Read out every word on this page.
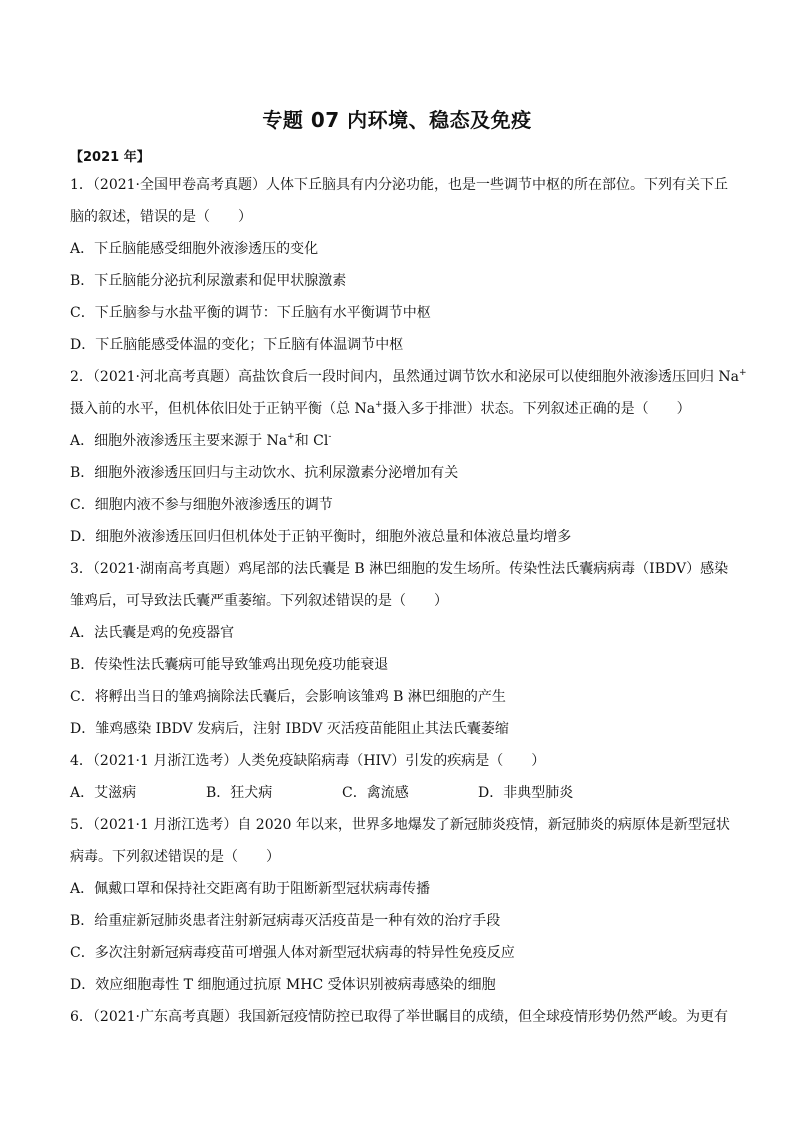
专题 07 内环境、稳态及免疫
【2021 年】
1．（2021·全国甲卷高考真题）人体下丘脑具有内分泌功能，也是一些调节中枢的所在部位。下列有关下丘
脑的叙述，错误的是（　　）
A．下丘脑能感受细胞外液渗透压的变化
B．下丘脑能分泌抗利尿激素和促甲状腺激素
C．下丘脑参与水盐平衡的调节：下丘脑有水平衡调节中枢
D．下丘脑能感受体温的变化；下丘脑有体温调节中枢
2．（2021·河北高考真题）高盐饮食后一段时间内，虽然通过调节饮水和泌尿可以使细胞外液渗透压回归 Na+
摄入前的水平，但机体依旧处于正钠平衡（总 Na+摄入多于排泄）状态。下列叙述正确的是（　　）
A．细胞外液渗透压主要来源于 Na+和 Cl-
B．细胞外液渗透压回归与主动饮水、抗利尿激素分泌增加有关
C．细胞内液不参与细胞外液渗透压的调节
D．细胞外液渗透压回归但机体处于正钠平衡时，细胞外液总量和体液总量均增多
3．（2021·湖南高考真题）鸡尾部的法氏囊是 B 淋巴细胞的发生场所。传染性法氏囊病病毒（IBDV）感染
雏鸡后，可导致法氏囊严重萎缩。下列叙述错误的是（　　）
A．法氏囊是鸡的免疫器官
B．传染性法氏囊病可能导致雏鸡出现免疫功能衰退
C．将孵出当日的雏鸡摘除法氏囊后，会影响该雏鸡 B 淋巴细胞的产生
D．雏鸡感染 IBDV 发病后，注射 IBDV 灭活疫苗能阻止其法氏囊萎缩
4．（2021·1 月浙江选考）人类免疫缺陷病毒（HIV）引发的疾病是（　　）
A．艾滋病	B．狂犬病	C．禽流感	D．非典型肺炎
5．（2021·1 月浙江选考）自 2020 年以来，世界多地爆发了新冠肺炎疫情，新冠肺炎的病原体是新型冠状
病毒。下列叙述错误的是（　　）
A．佩戴口罩和保持社交距离有助于阻断新型冠状病毒传播
B．给重症新冠肺炎患者注射新冠病毒灭活疫苗是一种有效的治疗手段
C．多次注射新冠病毒疫苗可增强人体对新型冠状病毒的特异性免疫反应
D．效应细胞毒性 T 细胞通过抗原 MHC 受体识别被病毒感染的细胞
6．（2021·广东高考真题）我国新冠疫情防控已取得了举世瞩目的成绩，但全球疫情形势仍然严峻。为更有
